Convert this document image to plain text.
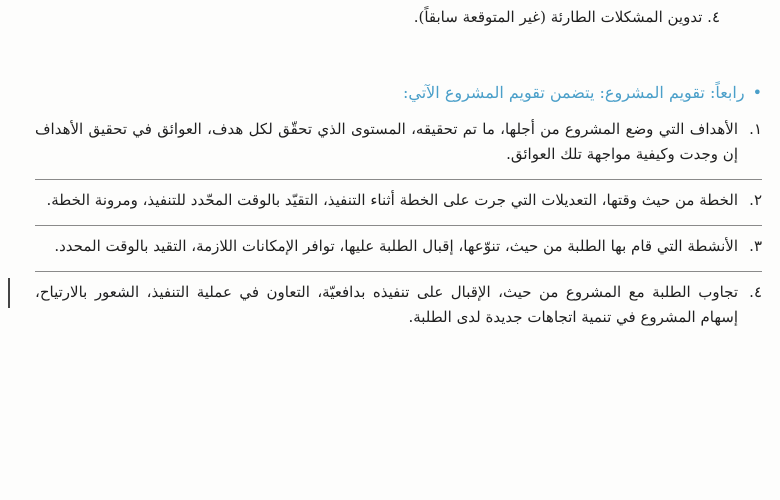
٤. تدوين المشكلات الطارئة (غير المتوقعة سابقاً).
•رابعاً: تقويم المشروع: يتضمن تقويم المشروع الآتي:
١.
الأهداف التي وضع المشروع من أجلها، ما تم تحقيقه، المستوى الذي تحقّق لكل هدف، العوائق في تحقيق الأهداف إن وجدت وكيفية مواجهة تلك العوائق.
٢.
الخطة من حيث وقتها، التعديلات التي جرت على الخطة أثناء التنفيذ، التقيّد بالوقت المحّدد للتنفيذ، ومرونة الخطة.
٣.
الأنشطة التي قام بها الطلبة من حيث، تنوّعها، إقبال الطلبة عليها، توافر الإمكانات اللازمة، التقيد بالوقت المحدد.
٤.
تجاوب الطلبة مع المشروع من حيث، الإقبال على تنفيذه بدافعيّة، التعاون في عملية التنفيذ، الشعور بالارتياح، إسهام المشروع في تنمية اتجاهات جديدة لدى الطلبة.
